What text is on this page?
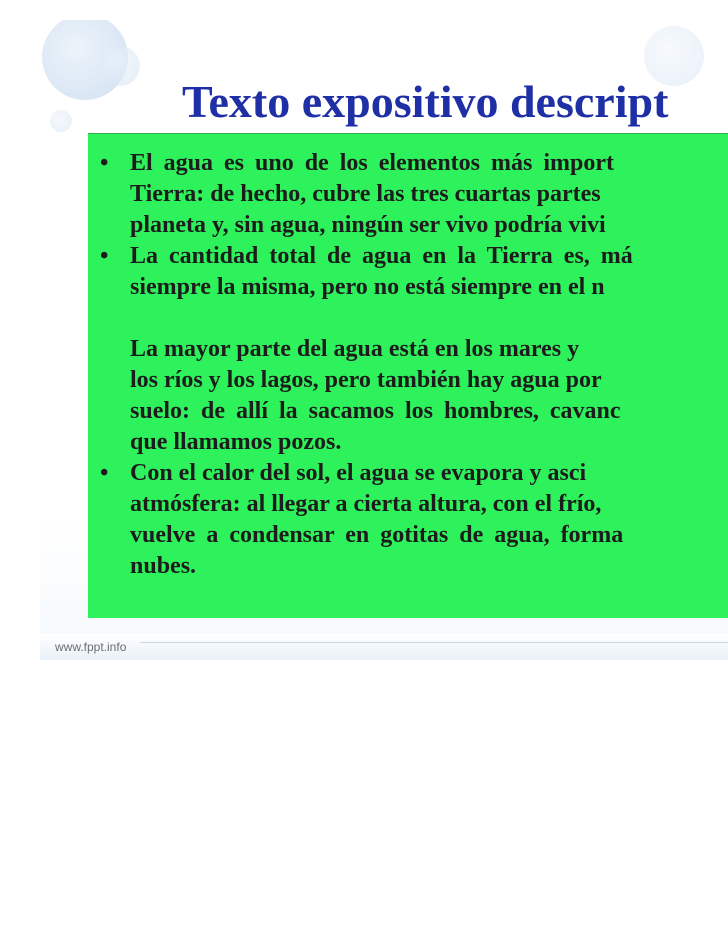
Texto expositivo descript
• El agua es uno de los elementos más import
Tierra: de hecho, cubre las tres cuartas partes
planeta y, sin agua, ningún ser vivo podría vivi
• La cantidad total de agua en la Tierra es, má
siempre la misma, pero no está siempre en el n
La mayor parte del agua está en los mares y
los ríos y los lagos, pero también hay agua por
suelo: de allí la sacamos los hombres, cavanc
que llamamos pozos.
• Con el calor del sol, el agua se evapora y asci
atmósfera: al llegar a cierta altura, con el frío,
vuelve a condensar en gotitas de agua, forma
nubes.

www.fppt.info
